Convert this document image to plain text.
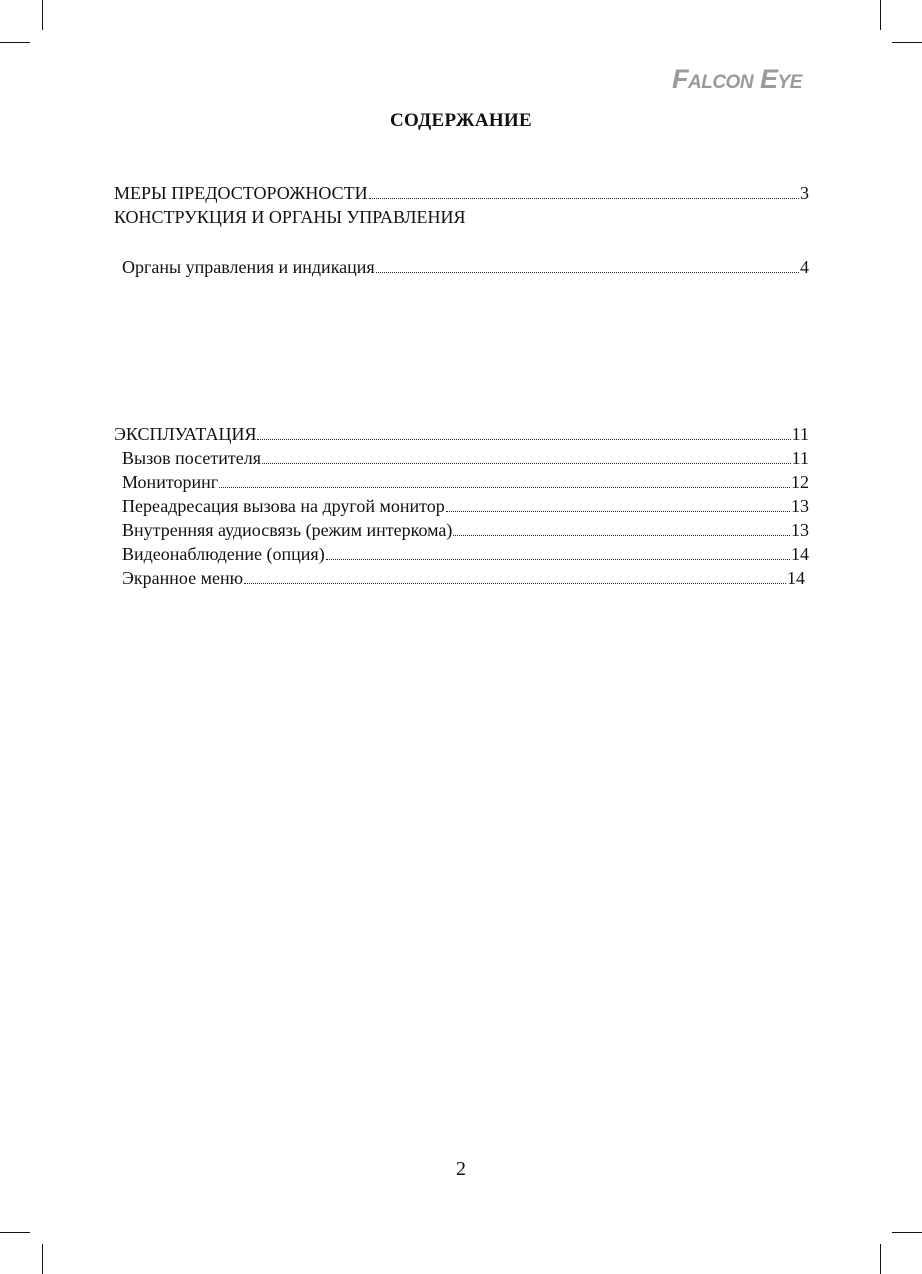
Falcon Eye
СОДЕРЖАНИЕ
МЕРЫ ПРЕДОСТОРОЖНОСТИ	3
КОНСТРУКЦИЯ И ОРГАНЫ УПРАВЛЕНИЯ
Органы управления и индикация	4
ЭКСПЛУАТАЦИЯ	11
Вызов посетителя	11
Мониторинг	12
Переадресация вызова на другой монитор	13
Внутренняя аудиосвязь (режим интеркома)	13
Видеонаблюдение (опция)	14
Экранное меню	14
2
